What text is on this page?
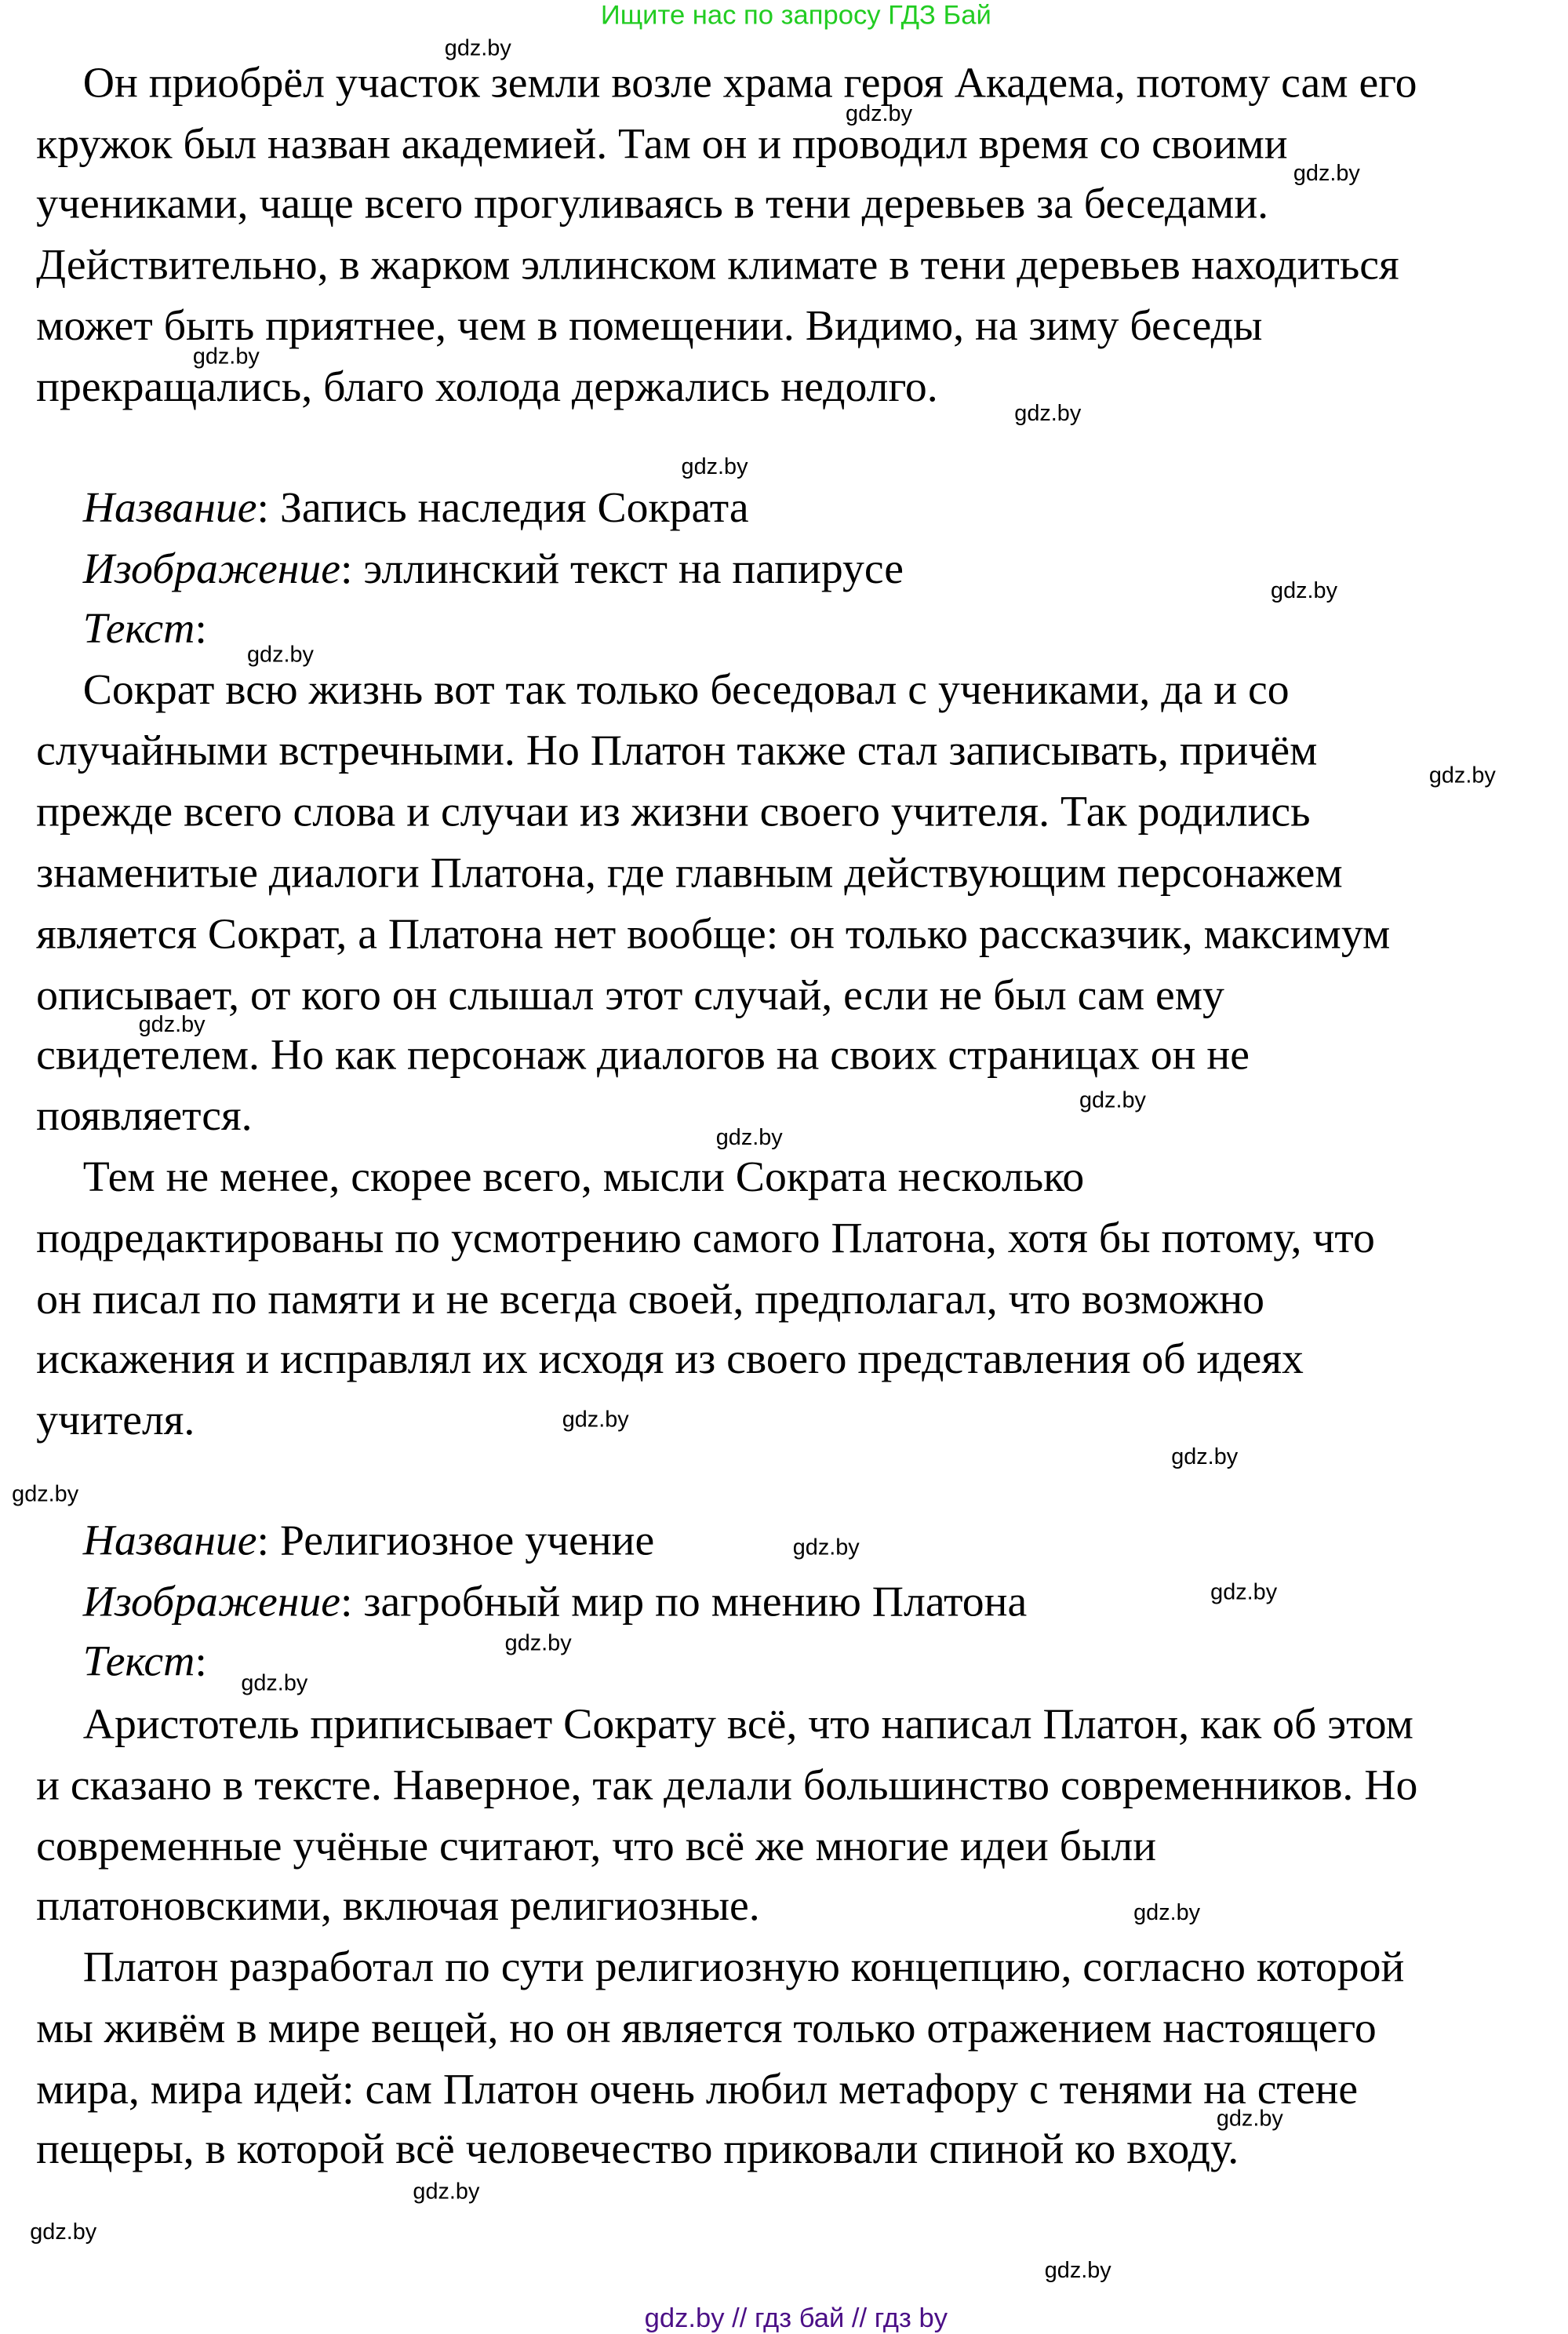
Ищите нас по запросу ГДЗ Бай
Он приобрёл участок земли возле храма героя Академа, потому сам его
кружок был назван академией. Там он и проводил время со своими
учениками, чаще всего прогуливаясь в тени деревьев за беседами.
Действительно, в жарком эллинском климате в тени деревьев находиться
может быть приятнее, чем в помещении. Видимо, на зиму беседы
прекращались, благо холода держались недолго.
Название: Запись наследия Сократа
Изображение: эллинский текст на папирусе
Текст:
Сократ всю жизнь вот так только беседовал с учениками, да и со
случайными встречными. Но Платон также стал записывать, причём
прежде всего слова и случаи из жизни своего учителя. Так родились
знаменитые диалоги Платона, где главным действующим персонажем
является Сократ, а Платона нет вообще: он только рассказчик, максимум
описывает, от кого он слышал этот случай, если не был сам ему
свидетелем. Но как персонаж диалогов на своих страницах он не
появляется.
Тем не менее, скорее всего, мысли Сократа несколько
подредактированы по усмотрению самого Платона, хотя бы потому, что
он писал по памяти и не всегда своей, предполагал, что возможно
искажения и исправлял их исходя из своего представления об идеях
учителя.
Название: Религиозное учение
Изображение: загробный мир по мнению Платона
Текст:
Аристотель приписывает Сократу всё, что написал Платон, как об этом
и сказано в тексте. Наверное, так делали большинство современников. Но
современные учёные считают, что всё же многие идеи были
платоновскими, включая религиозные.
Платон разработал по сути религиозную концепцию, согласно которой
мы живём в мире вещей, но он является только отражением настоящего
мира, мира идей: сам Платон очень любил метафору с тенями на стене
пещеры, в которой всё человечество приковали спиной ко входу.
gdz.by
gdz.by
gdz.by
gdz.by
gdz.by
gdz.by
gdz.by
gdz.by
gdz.by
gdz.by
gdz.by
gdz.by
gdz.by
gdz.by
gdz.by
gdz.by
gdz.by
gdz.by
gdz.by
gdz.by
gdz.by
gdz.by
gdz.by
gdz.by
gdz.by // гдз бай // гдз by
